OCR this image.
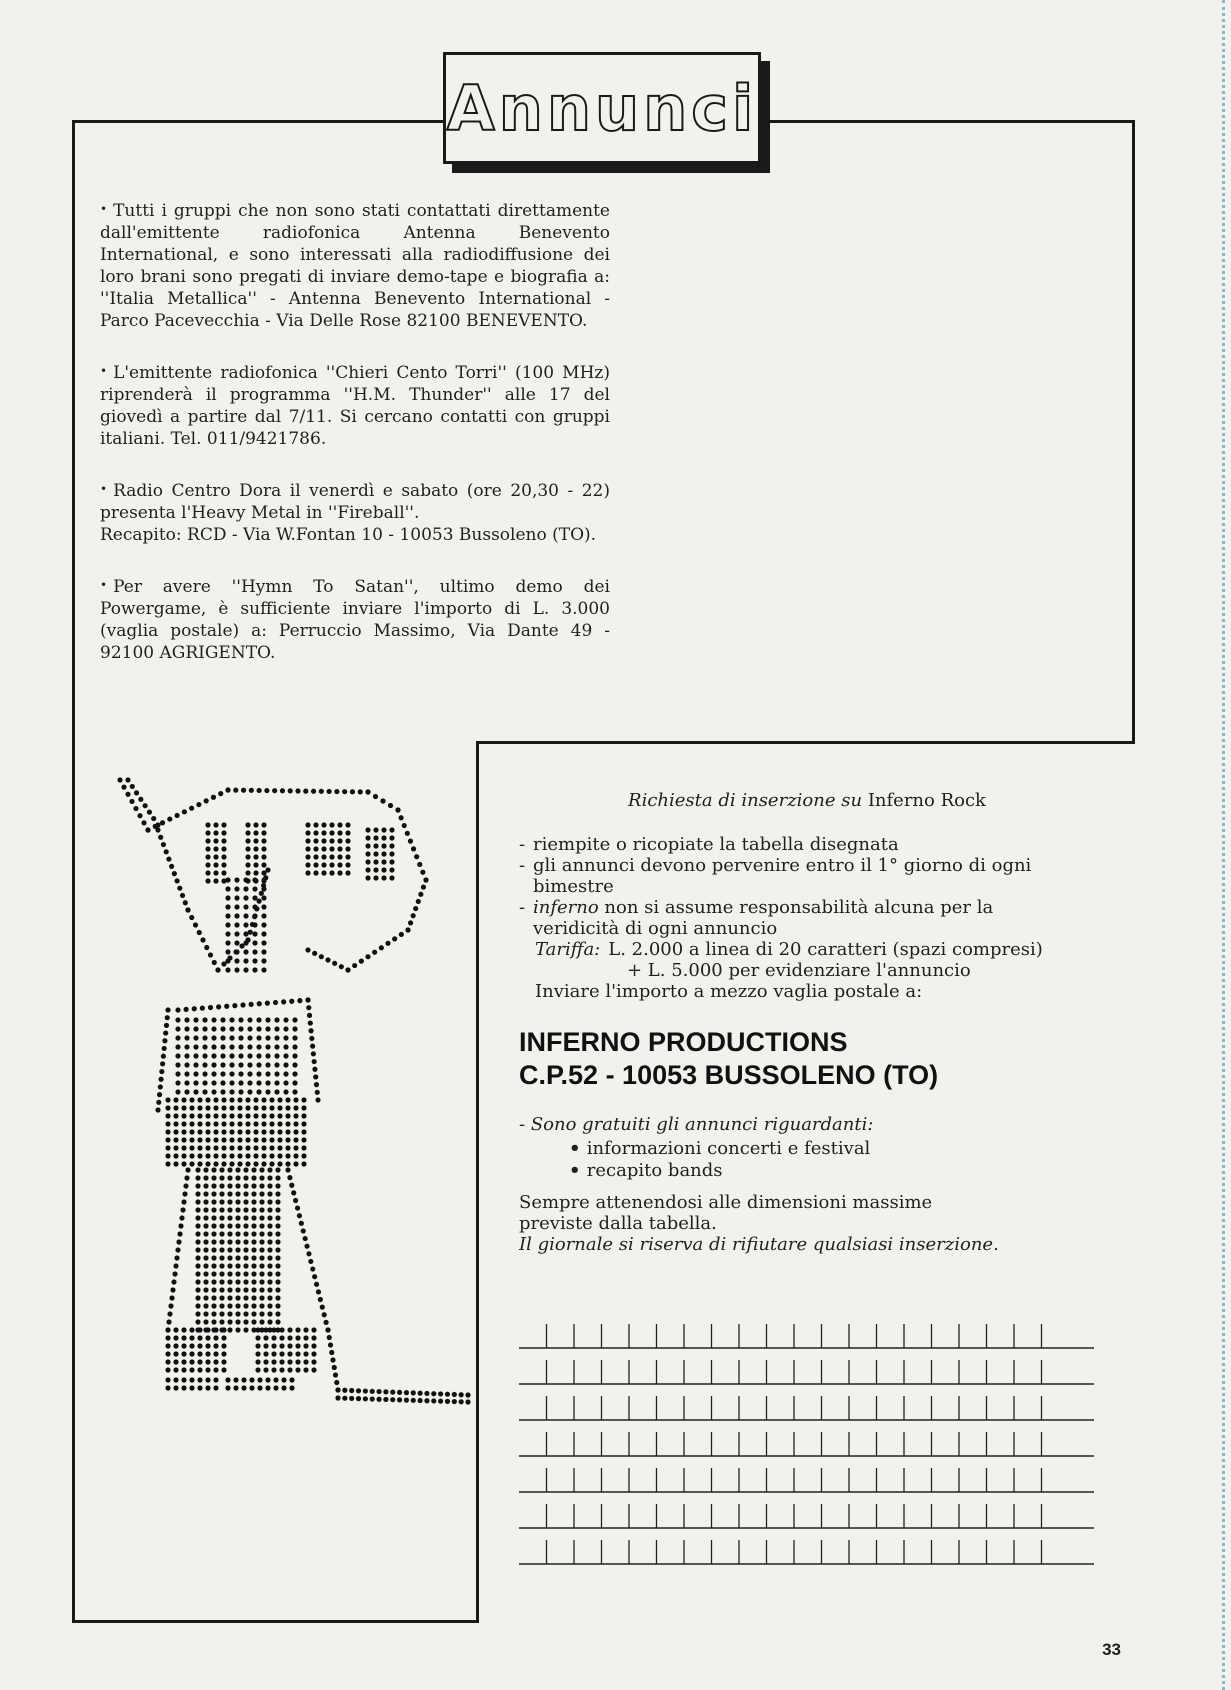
Annunci

• Tutti i gruppi che non sono stati contattati direttamente dall'emittente radiofonica Antenna Benevento International, e sono interessati alla radiodiffusione dei loro brani sono pregati di inviare demo-tape e biografia a: ''Italia Metallica'' - Antenna Benevento International - Parco Pacevecchia - Via Delle Rose 82100 BENEVENTO.

• L'emittente radiofonica ''Chieri Cento Torri'' (100 MHz) riprenderà il programma ''H.M. Thunder'' alle 17 del giovedì a partire dal 7/11. Si cercano contatti con gruppi italiani. Tel. 011/9421786.

• Radio Centro Dora il venerdì e sabato (ore 20,30 - 22) presenta l'Heavy Metal in ''Fireball''.
Recapito: RCD - Via W.Fontan 10 - 10053 Bussoleno (TO).

• Per avere ''Hymn To Satan'', ultimo demo dei Powergame, è sufficiente inviare l'importo di L. 3.000 (vaglia postale) a: Perruccio Massimo, Via Dante 49 - 92100 AGRIGENTO.

Richiesta di inserzione su Inferno Rock
- riempite o ricopiate la tabella disegnata
- gli annunci devono pervenire entro il 1° giorno di ogni bimestre
- inferno non si assume responsabilità alcuna per la veridicità di ogni annuncio
Tariffa: L. 2.000 a linea di 20 caratteri (spazi compresi)
+ L. 5.000 per evidenziare l'annuncio
Inviare l'importo a mezzo vaglia postale a:
INFERNO PRODUCTIONS
C.P.52 - 10053 BUSSOLENO (TO)
- Sono gratuiti gli annunci riguardanti:
• informazioni concerti e festival
• recapito bands
Sempre attenendosi alle dimensioni massime
previste dalla tabella.
Il giornale si riserva di rifiutare qualsiasi inserzione.
33
